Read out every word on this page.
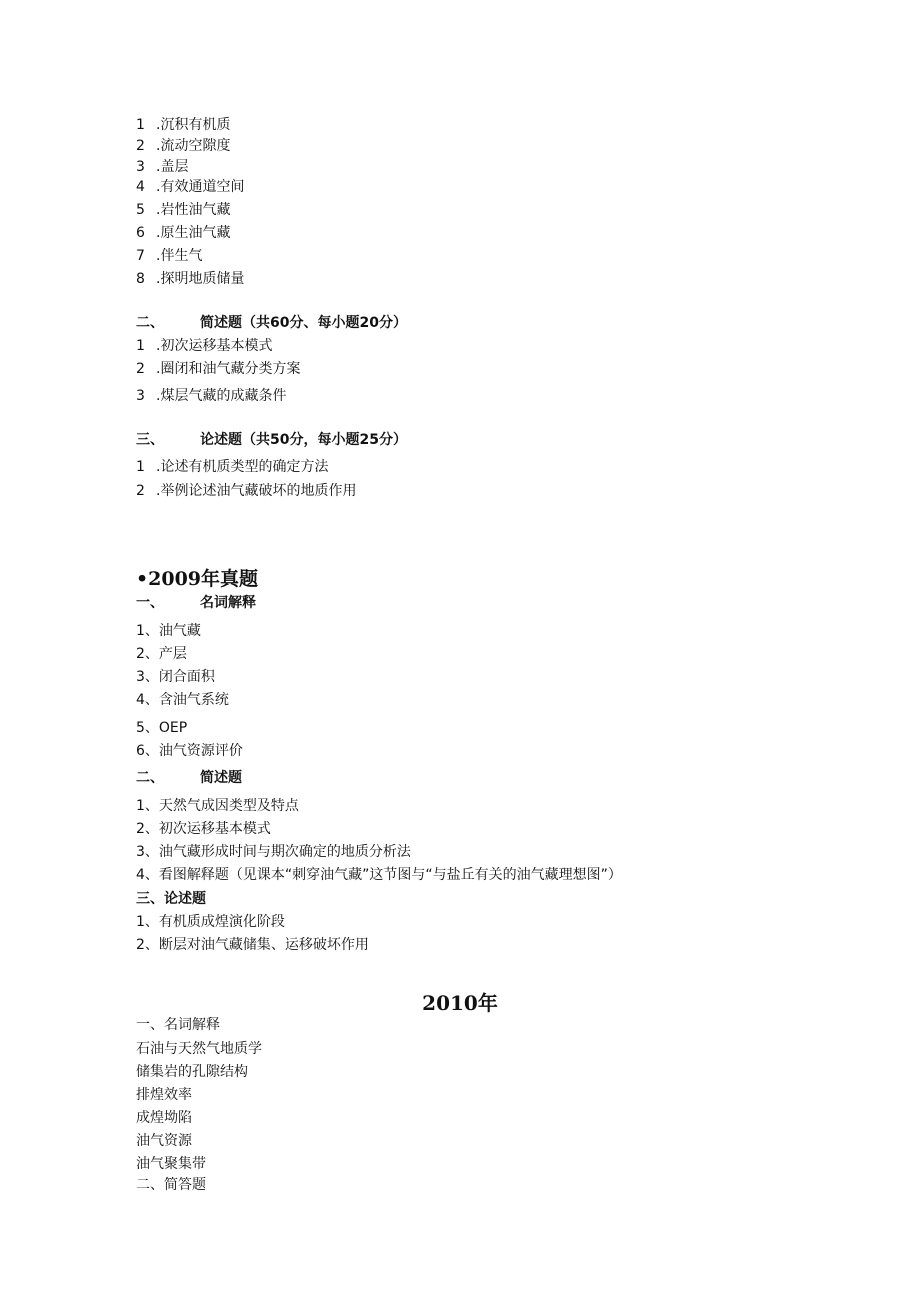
1 .沉积有机质
2 .流动空隙度
3 .盖层
4 .有效通道空间
5 .岩性油气藏
6 .原生油气藏
7 .伴生气
8 .探明地质储量
二、	简述题（共60分、每小题20分）
1 .初次运移基本模式
2 .圈闭和油气藏分类方案
3 .煤层气藏的成藏条件
三、	论述题（共50分，每小题25分）
1 .论述有机质类型的确定方法
2 .举例论述油气藏破坏的地质作用
•2009年真题
一、	名词解释
1、油气藏
2、产层
3、闭合面积
4、含油气系统
5、OEP
6、油气资源评价
二、	简述题
1、天然气成因类型及特点
2、初次运移基本模式
3、油气藏形成时间与期次确定的地质分析法
4、看图解释题（见课本“刺穿油气藏”这节图与“与盐丘有关的油气藏理想图”）
三、论述题
1、有机质成煌演化阶段
2、断层对油气藏储集、运移破坏作用
2010年
一、名词解释
石油与天然气地质学
储集岩的孔隙结构
排煌效率
成煌坳陷
油气资源
油气聚集带
二、简答题
